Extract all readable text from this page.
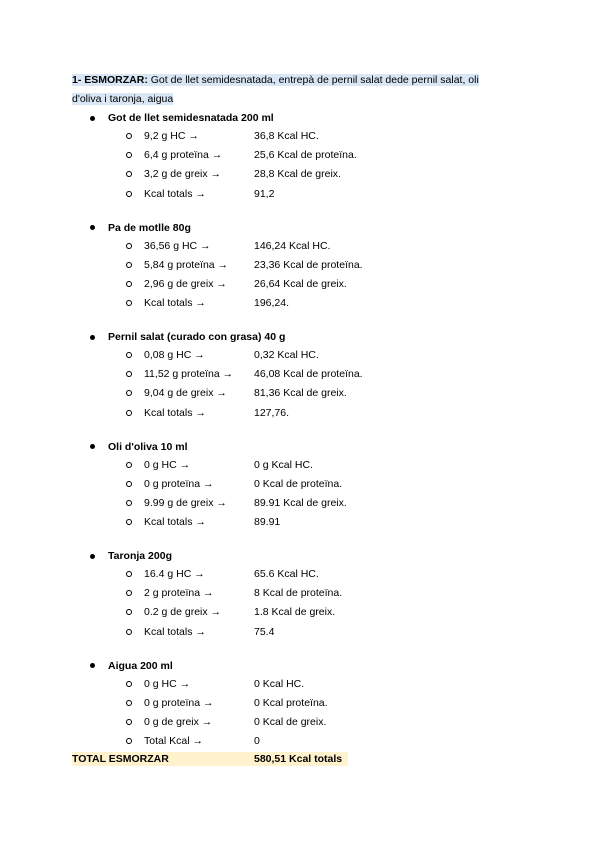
1- ESMORZAR: Got de llet semidesnatada, entrepà de pernil salat dede pernil salat, oli
d'oliva i taronja, aigua
Got de llet semidesnatada 200 ml
9,2 g HC →	36,8 Kcal HC.
6,4 g proteïna →	25,6 Kcal de proteïna.
3,2 g de greix →	28,8 Kcal de greix.
Kcal totals →	91,2
Pa de motlle 80g
36,56 g HC →	146,24 Kcal HC.
5,84 g proteïna → 23,36 Kcal de proteïna.
2,96 g de greix →	26,64 Kcal de greix.
Kcal totals →	196,24.
Pernil salat (curado con grasa) 40 g
0,08 g HC →	0,32 Kcal HC.
11,52 g proteïna → 46,08 Kcal de proteïna.
9,04 g de greix →	81,36 Kcal de greix.
Kcal totals →	127,76.
Oli d'oliva 10 ml
0 g HC →	0 g Kcal HC.
0 g proteïna →	0 Kcal de proteïna.
9.99 g de greix →	89.91 Kcal de greix.
Kcal totals →	89.91
Taronja 200g
16.4 g HC →	65.6 Kcal HC.
2 g proteïna →	8 Kcal de proteïna.
0.2 g de greix →	1.8 Kcal de greix.
Kcal totals →	75.4
Aigua 200 ml
0 g HC →	0 Kcal HC.
0 g proteïna →	0 Kcal proteïna.
0 g de greix →	0 Kcal de greix.
Total Kcal →	0
TOTAL ESMORZAR	580,51 Kcal totals
